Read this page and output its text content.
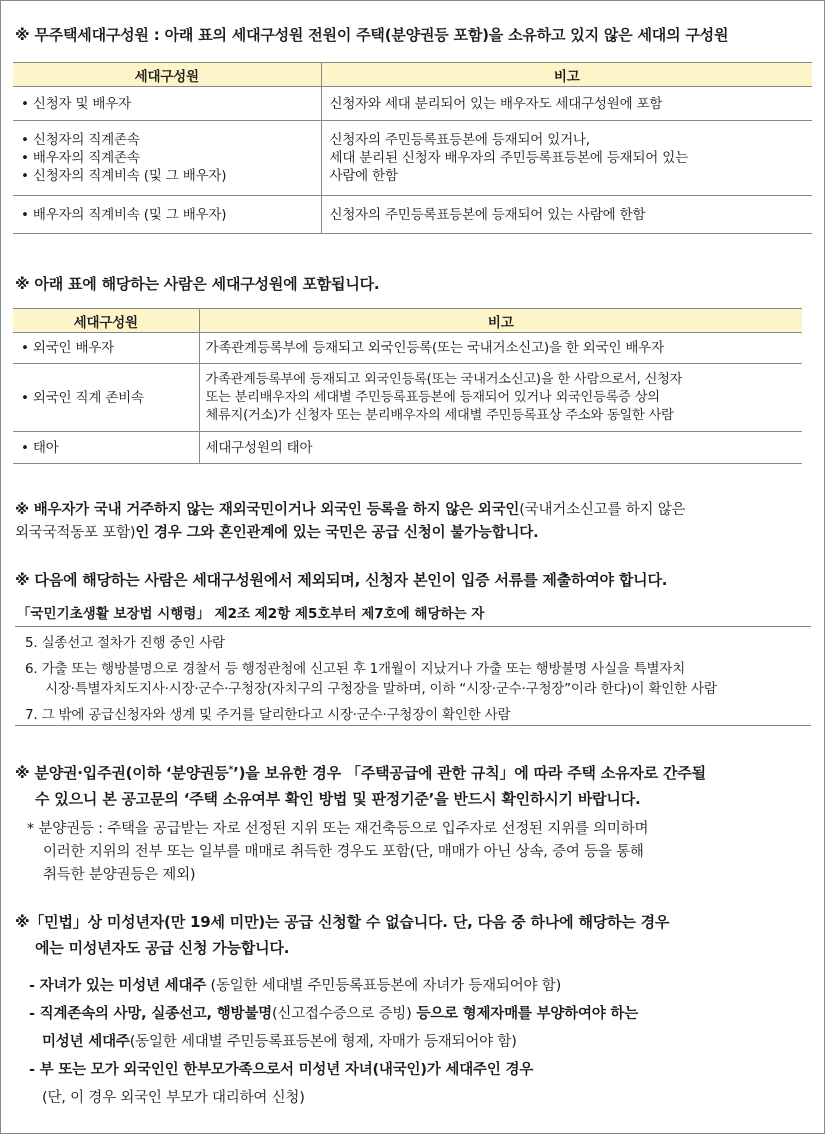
※ 무주택세대구성원 : 아래 표의 세대구성원 전원이 주택(분양권등 포함)을 소유하고 있지 않은 세대의 구성원
세대구성원	비고

• 신청자 및 배우자	신청자와 세대 분리되어 있는 배우자도 세대구성원에 포함

• 신청자의 직계존속
• 배우자의 직계존속
• 신청자의 직계비속 (및 그 배우자)	신청자의 주민등록표등본에 등재되어 있거나,
세대 분리된 신청자 배우자의 주민등록표등본에 등재되어 있는
사람에 한함

• 배우자의 직계비속 (및 그 배우자)	신청자의 주민등록표등본에 등재되어 있는 사람에 한함
※ 아래 표에 해당하는 사람은 세대구성원에 포함됩니다.
세대구성원	비고

• 외국인 배우자	가족관계등록부에 등재되고 외국인등록(또는 국내거소신고)을 한 외국인 배우자

• 외국인 직계 존비속	가족관계등록부에 등재되고 외국인등록(또는 국내거소신고)을 한 사람으로서, 신청자
또는 분리배우자의 세대별 주민등록표등본에 등재되어 있거나 외국인등록증 상의
체류지(거소)가 신청자 또는 분리배우자의 세대별 주민등록표상 주소와 동일한 사람

• 태아	세대구성원의 태아
※ 배우자가 국내 거주하지 않는 재외국민이거나 외국인 등록을 하지 않은 외국인(국내거소신고를 하지 않은
외국국적동포 포함)인 경우 그와 혼인관계에 있는 국민은 공급 신청이 불가능합니다.
※ 다음에 해당하는 사람은 세대구성원에서 제외되며, 신청자 본인이 입증 서류를 제출하여야 합니다.
「국민기초생활 보장법 시행령」 제2조 제2항 제5호부터 제7호에 해당하는 자
5. 실종선고 절차가 진행 중인 사람
6. 가출 또는 행방불명으로 경찰서 등 행정관청에 신고된 후 1개월이 지났거나 가출 또는 행방불명 사실을 특별자치
시장·특별자치도지사·시장·군수·구청장(자치구의 구청장을 말하며, 이하 “시장·군수·구청장”이라 한다)이 확인한 사람
7. 그 밖에 공급신청자와 생계 및 주거를 달리한다고 시장·군수·구청장이 확인한 사람
※ 분양권·입주권(이하 ‘분양권등*’)을 보유한 경우 「주택공급에 관한 규칙」에 따라 주택 소유자로 간주될
수 있으니 본 공고문의 ‘주택 소유여부 확인 방법 및 판정기준’을 반드시 확인하시기 바랍니다.
* 분양권등 : 주택을 공급받는 자로 선정된 지위 또는 재건축등으로 입주자로 선정된 지위를 의미하며
이러한 지위의 전부 또는 일부를 매매로 취득한 경우도 포함(단, 매매가 아닌 상속, 증여 등을 통해
취득한 분양권등은 제외)
※「민법」상 미성년자(만 19세 미만)는 공급 신청할 수 없습니다. 단, 다음 중 하나에 해당하는 경우
에는 미성년자도 공급 신청 가능합니다.
- 자녀가 있는 미성년 세대주 (동일한 세대별 주민등록표등본에 자녀가 등재되어야 함)
- 직계존속의 사망, 실종선고, 행방불명(신고접수증으로 증빙) 등으로 형제자매를 부양하여야 하는
미성년 세대주(동일한 세대별 주민등록표등본에 형제, 자매가 등재되어야 함)
- 부 또는 모가 외국인인 한부모가족으로서 미성년 자녀(내국인)가 세대주인 경우
(단, 이 경우 외국인 부모가 대리하여 신청)
